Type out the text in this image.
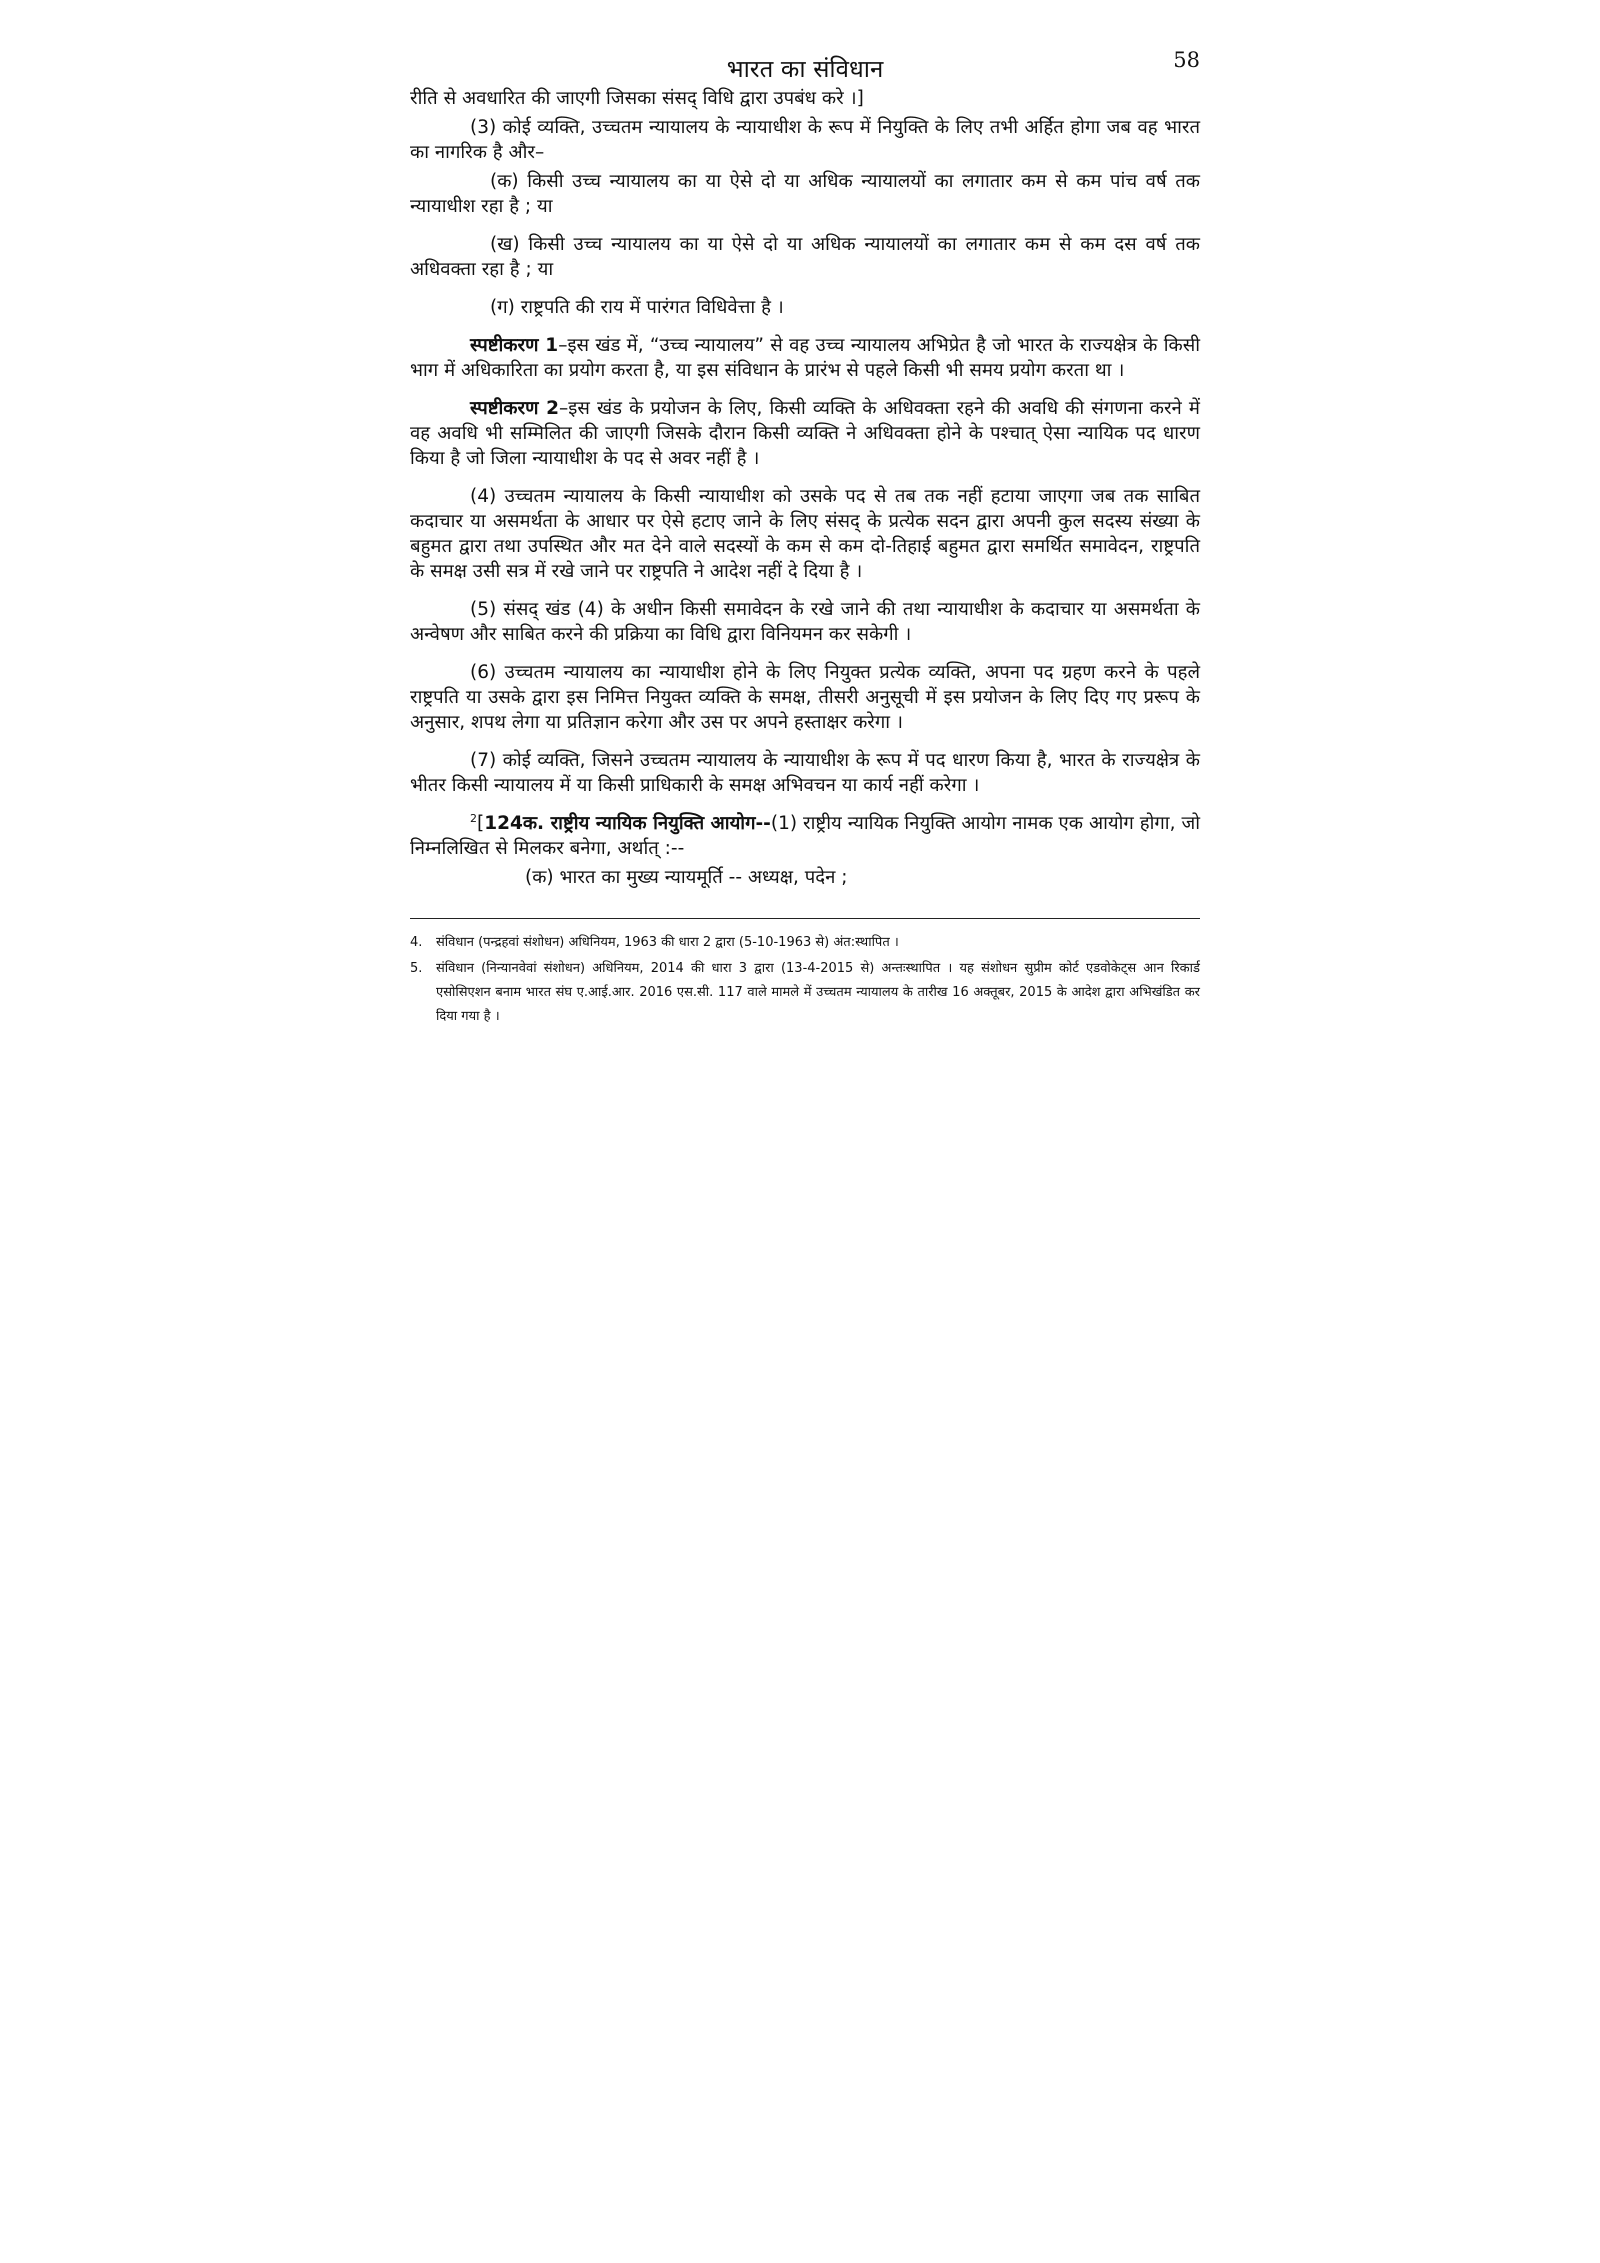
भारत का संविधान	58

रीति से अवधारित की जाएगी जिसका संसद् विधि द्वारा उपबंध करे ।]

(3) कोई व्यक्ति, उच्चतम न्यायालय के न्यायाधीश के रूप में नियुक्ति के लिए तभी अर्हित होगा जब वह भारत का नागरिक है और–

(क) किसी उच्च न्यायालय का या ऐसे दो या अधिक न्यायालयों का लगातार कम से कम पांच वर्ष तक न्यायाधीश रहा है ; या

(ख) किसी उच्च न्यायालय का या ऐसे दो या अधिक न्यायालयों का लगातार कम से कम दस वर्ष तक अधिवक्ता रहा है ; या

(ग) राष्ट्रपति की राय में पारंगत विधिवेत्ता है ।

स्पष्टीकरण 1–इस खंड में, “उच्च न्यायालय” से वह उच्च न्यायालय अभिप्रेत है जो भारत के राज्यक्षेत्र के किसी भाग में अधिकारिता का प्रयोग करता है, या इस संविधान के प्रारंभ से पहले किसी भी समय प्रयोग करता था ।

स्पष्टीकरण 2–इस खंड के प्रयोजन के लिए, किसी व्यक्ति के अधिवक्ता रहने की अवधि की संगणना करने में वह अवधि भी सम्मिलित की जाएगी जिसके दौरान किसी व्यक्ति ने अधिवक्ता होने के पश्चात् ऐसा न्यायिक पद धारण किया है जो जिला न्यायाधीश के पद से अवर नहीं है ।

(4) उच्चतम न्यायालय के किसी न्यायाधीश को उसके पद से तब तक नहीं हटाया जाएगा जब तक साबित कदाचार या असमर्थता के आधार पर ऐसे हटाए जाने के लिए संसद् के प्रत्येक सदन द्वारा अपनी कुल सदस्य संख्या के बहुमत द्वारा तथा उपस्थित और मत देने वाले सदस्यों के कम से कम दो-तिहाई बहुमत द्वारा समर्थित समावेदन, राष्ट्रपति के समक्ष उसी सत्र में रखे जाने पर राष्ट्रपति ने आदेश नहीं दे दिया है ।

(5) संसद् खंड (4) के अधीन किसी समावेदन के रखे जाने की तथा न्यायाधीश के कदाचार या असमर्थता के अन्वेषण और साबित करने की प्रक्रिया का विधि द्वारा विनियमन कर सकेगी ।

(6) उच्चतम न्यायालय का न्यायाधीश होने के लिए नियुक्त प्रत्येक व्यक्ति, अपना पद ग्रहण करने के पहले राष्ट्रपति या उसके द्वारा इस निमित्त नियुक्त व्यक्ति के समक्ष, तीसरी अनुसूची में इस प्रयोजन के लिए दिए गए प्ररूप के अनुसार, शपथ लेगा या प्रतिज्ञान करेगा और उस पर अपने हस्ताक्षर करेगा ।

(7) कोई व्यक्ति, जिसने उच्चतम न्यायालय के न्यायाधीश के रूप में पद धारण किया है, भारत के राज्यक्षेत्र के भीतर किसी न्यायालय में या किसी प्राधिकारी के समक्ष अभिवचन या कार्य नहीं करेगा ।

$^2$[124क. राष्ट्रीय न्यायिक नियुक्ति आयोग--(1) राष्ट्रीय न्यायिक नियुक्ति आयोग नामक एक आयोग होगा, जो निम्नलिखित से मिलकर बनेगा, अर्थात् :--

(क) भारत का मुख्य न्यायमूर्ति -- अध्यक्ष, पदेन ;

4.	संविधान (पन्द्रहवां संशोधन) अधिनियम, 1963 की धारा 2 द्वारा (5-10-1963 से) अंत:स्थापित ।
5.	संविधान (निन्यानवेवां संशोधन) अधिनियम, 2014 की धारा 3 द्वारा (13-4-2015 से) अन्तःस्थापित । यह संशोधन सुप्रीम कोर्ट एडवोकेट्स आन रिकार्ड एसोसिएशन बनाम भारत संघ ए.आई.आर. 2016 एस.सी. 117 वाले मामले में उच्चतम न्यायालय के तारीख 16 अक्तूबर, 2015 के आदेश द्वारा अभिखंडित कर दिया गया है ।
